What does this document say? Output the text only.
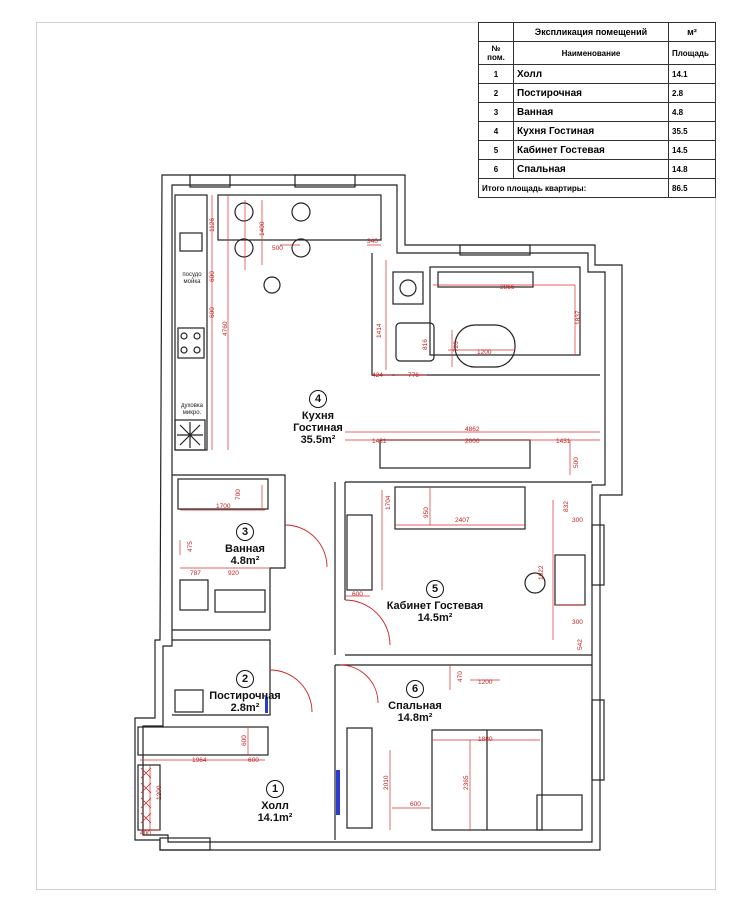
1400
500
1126
600
600
4760
340
2866
1414
816	720
1200
1837
424	776
4862
1431	2000	1431
500
1700
700
475
787	920
1704
950
2407
832
300
1022
600
300
542
470
1200
1880
2365
2010
600
1964	600
600
1200
400
	Экспликация помещений	м²
№ пом.	Наименование	Площадь
1	Холл	14.1
2	Постирочная	2.8
3	Ванная	4.8
4	Кухня Гостиная	35.5
5	Кабинет Гостевая	14.5
6	Спальная	14.8
Итого площадь квартиры:		86.5
4
Кухня Гостиная
35.5m²
3
Ванная
4.8m²
5
Кабинет Гостевая
14.5m²
2
Постирочная
2.8m²
6
Спальная
14.8m²
1
Холл
14.1m²
посудо мойка
духовка микро.
